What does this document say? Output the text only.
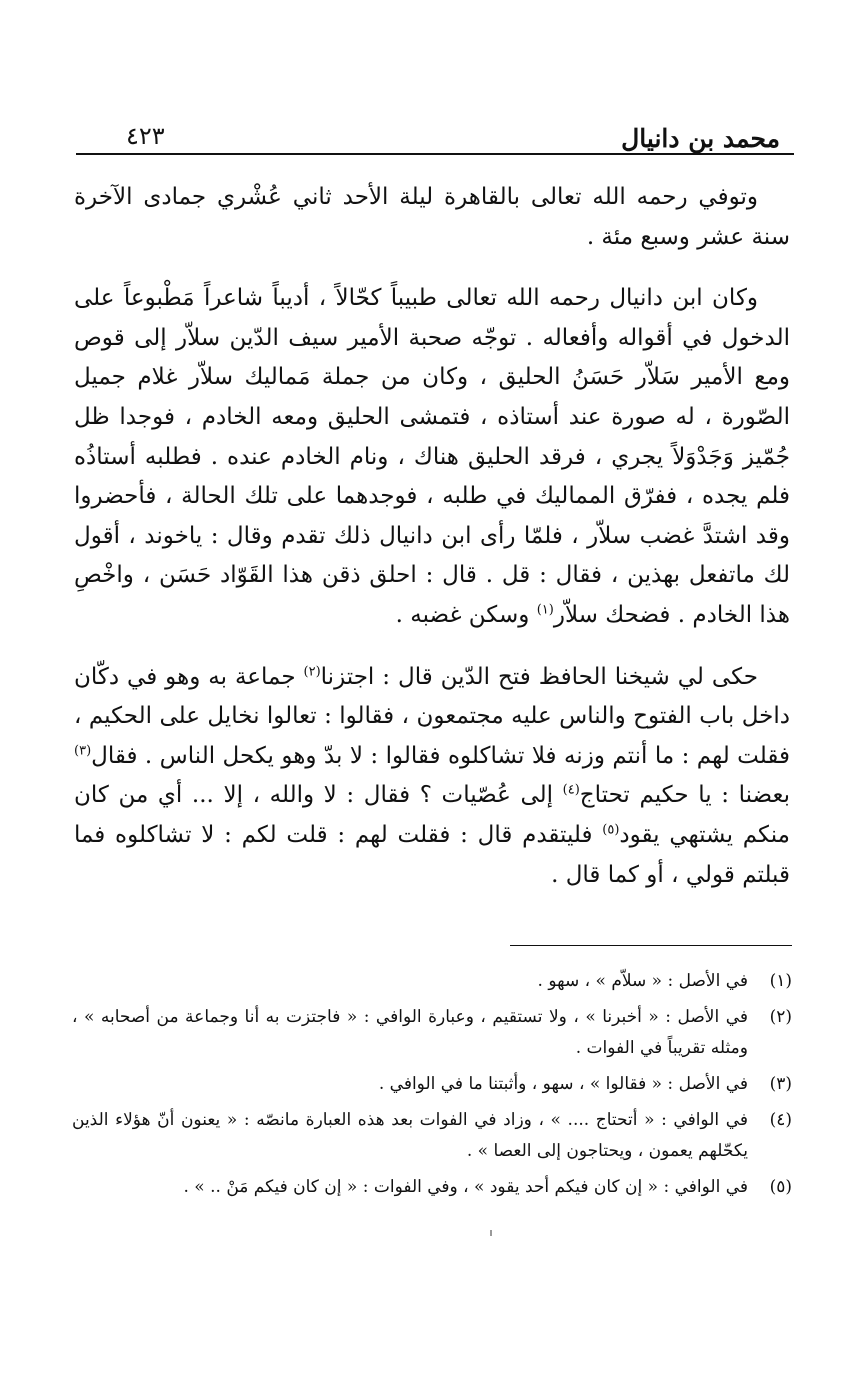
محمد بن دانيال
٤٢٣

وتوفي رحمه الله تعالى بالقاهرة ليلة الأحد ثاني عُشْري جمادى الآخرة سنة عشر وسبع مئة .

وكان ابن دانيال رحمه الله تعالى طبيباً كحّالاً ، أديباً شاعراً مَطْبوعاً على الدخول في أقواله وأفعاله . توجّه صحبة الأمير سيف الدّين سلاّر إلى قوص ومع الأمير سَلاّر حَسَنُ الحليق ، وكان من جملة مَماليك سلاّر غلام جميل الصّورة ، له صورة عند أستاذه ، فتمشى الحليق ومعه الخادم ، فوجدا ظل جُمّيز وَجَدْوَلاً يجري ، فرقد الحليق هناك ، ونام الخادم عنده . فطلبه أستاذُه فلم يجده ، ففرّق المماليك في طلبه ، فوجدهما على تلك الحالة ، فأحضروا وقد اشتدَّ غضب سلاّر ، فلمّا رأى ابن دانيال ذلك تقدم وقال : ياخوند ، أقول لك ماتفعل بهذين ، فقال : قل . قال : احلق ذقن هذا القَوّاد حَسَن ، واخْصِ هذا الخادم . فضحك سلاّر$^{(١)}$ وسكن غضبه .

حكى لي شيخنا الحافظ فتح الدّين قال : اجتزنا$^{(٢)}$ جماعة به وهو في دكّان داخل باب الفتوح والناس عليه مجتمعون ، فقالوا : تعالوا نخايل على الحكيم ، فقلت لهم : ما أنتم وزنه فلا تشاكلوه فقالوا : لا بدّ وهو يكحل الناس . فقال$^{(٣)}$ بعضنا : يا حكيم تحتاج$^{(٤)}$ إلى عُصّيات ؟ فقال : لا والله ، إلا ... أي من كان منكم يشتهي يقود$^{(٥)}$ فليتقدم قال : فقلت لهم : قلت لكم : لا تشاكلوه فما قبلتم قولي ، أو كما قال .

(١)
في الأصل : « سلاّم » ، سهو .
(٢)
في الأصل : « أخبرنا » ، ولا تستقيم ، وعبارة الوافي : « فاجتزت به أنا وجماعة من أصحابه » ، ومثله تقريباً في الفوات .
(٣)
في الأصل : « فقالوا » ، سهو ، وأثبتنا ما في الوافي .
(٤)
في الوافي : « أتحتاج .... » ، وزاد في الفوات بعد هذه العبارة مانصّه : « يعنون أنّ هؤلاء الذين يكحّلهم يعمون ، ويحتاجون إلى العصا » .
(٥)
في الوافي : « إن كان فيكم أحد يقود » ، وفي الفوات : « إن كان فيكم مَنْ .. » .
